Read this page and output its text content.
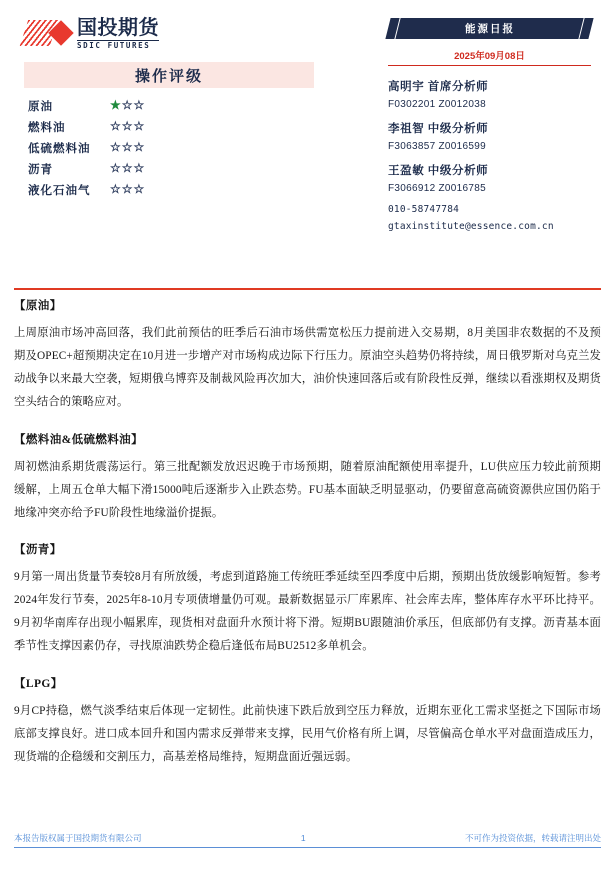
国投期货
SDIC FUTURES
操作评级
原油	★☆☆
燃料油	☆☆☆
低硫燃料油	☆☆☆
沥青	☆☆☆
液化石油气	☆☆☆
能源日报
2025年09月08日
高明宇 首席分析师
F0302201 Z0012038
李祖智 中级分析师
F3063857 Z0016599
王盈敏 中级分析师
F3066912 Z0016785
010-58747784
gtaxinstitute@essence.com.cn
【原油】
上周原油市场冲高回落，我们此前预估的旺季后石油市场供需宽松压力提前进入交易期，8月美国非农数据的不及预期及OPEC+超预期决定在10月进一步增产对市场构成边际下行压力。原油空头趋势仍将持续，周日俄罗斯对乌克兰发动战争以来最大空袭，短期俄乌博弈及制裁风险再次加大，油价快速回落后或有阶段性反弹，继续以看涨期权及期货空头结合的策略应对。
【燃料油&低硫燃料油】
周初燃油系期货震荡运行。第三批配额发放迟迟晚于市场预期，随着原油配额使用率提升，LU供应压力较此前预期缓解，上周五仓单大幅下滑15000吨后逐渐步入止跌态势。FU基本面缺乏明显驱动，仍要留意高硫资源供应国仍陷于地缘冲突亦给予FU阶段性地缘溢价提振。
【沥青】
9月第一周出货量节奏较8月有所放缓，考虑到道路施工传统旺季延续至四季度中后期，预期出货放缓影响短暂。参考2024年发行节奏，2025年8-10月专项债增量仍可观。最新数据显示厂库累库、社会库去库，整体库存水平环比持平。9月初华南库存出现小幅累库，现货相对盘面升水预计将下滑。短期BU跟随油价承压，但底部仍有支撑。沥青基本面季节性支撑因素仍存，寻找原油跌势企稳后逢低布局BU2512多单机会。
【LPG】
9月CP持稳，燃气淡季结束后体现一定韧性。此前快速下跌后放到空压力释放，近期东亚化工需求坚挺之下国际市场底部支撑良好。进口成本回升和国内需求反弹带来支撑，民用气价格有所上调，尽管偏高仓单水平对盘面造成压力，现货端的企稳缓和交割压力，高基差格局维持，短期盘面近强远弱。
本报告版权属于国投期货有限公司	1	不可作为投资依据，转载请注明出处
